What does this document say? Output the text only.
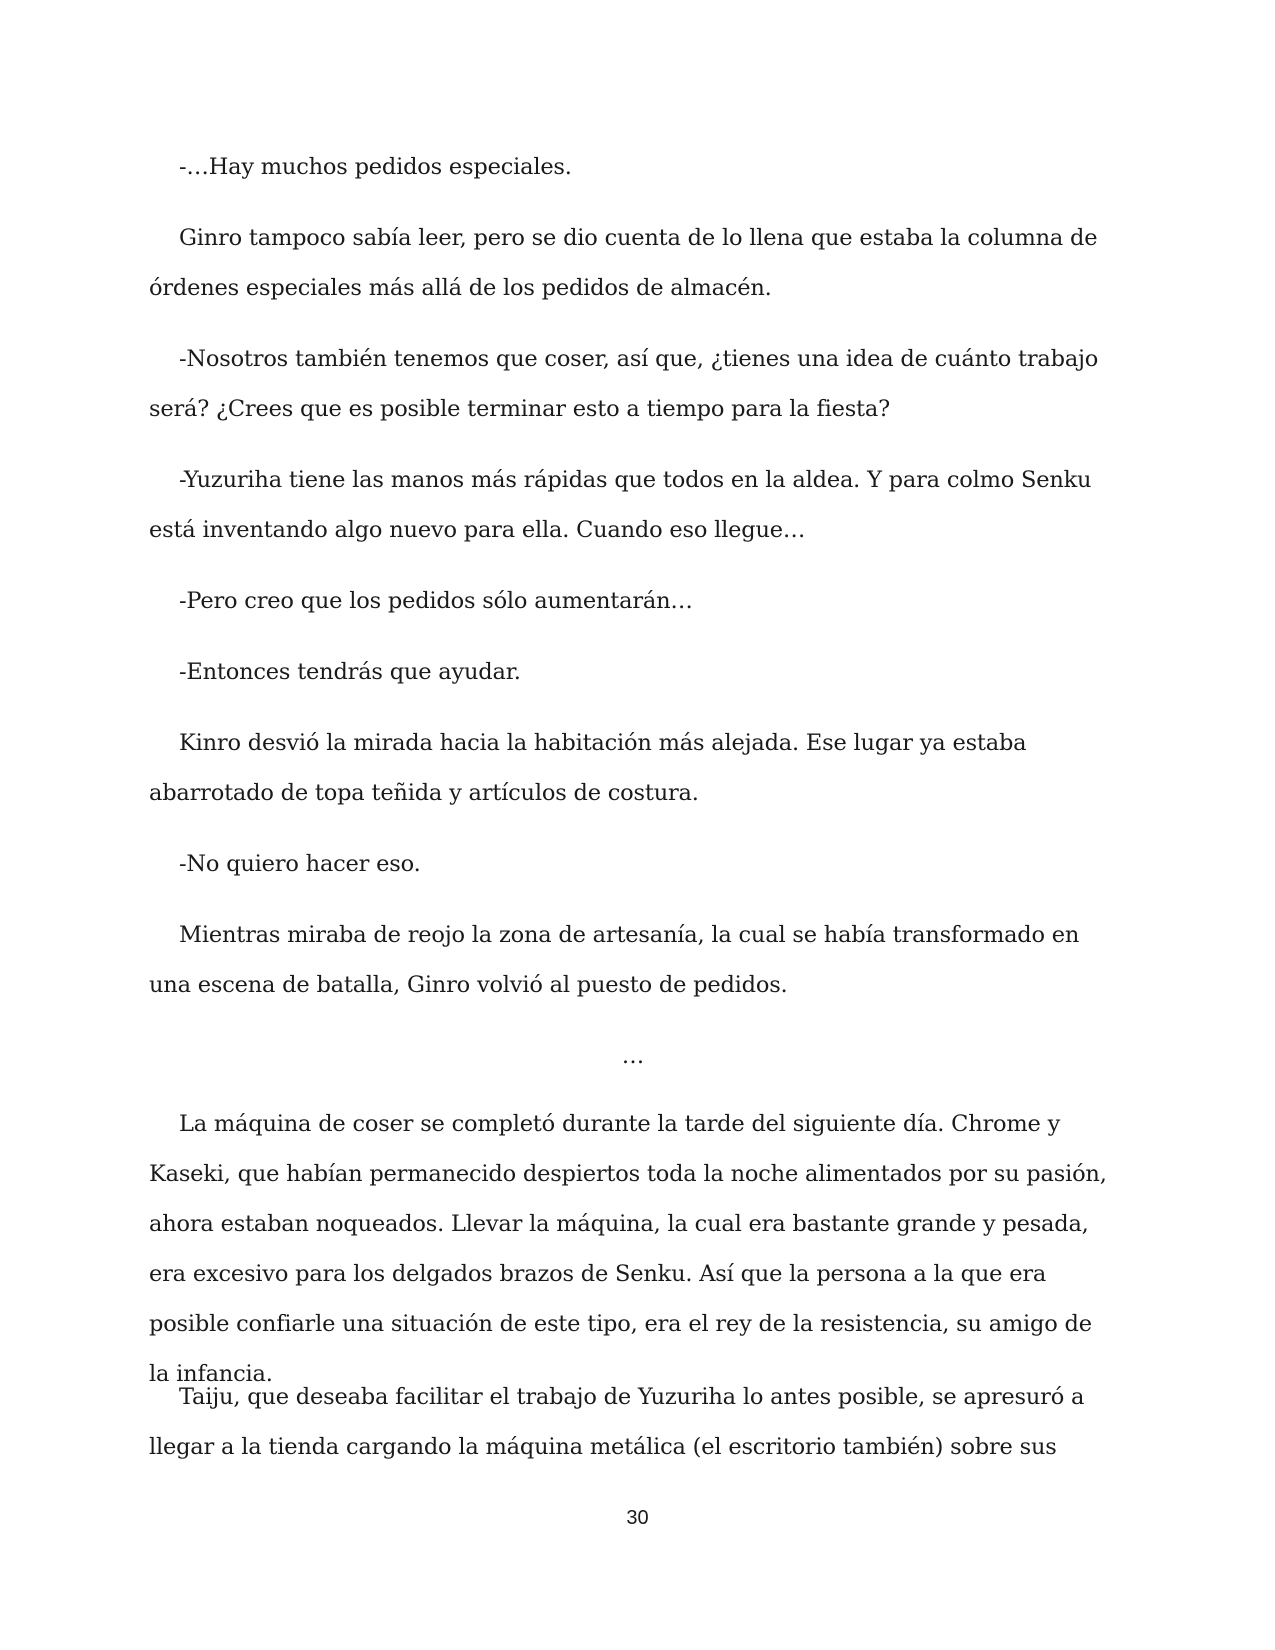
-…Hay muchos pedidos especiales.

Ginro tampoco sabía leer, pero se dio cuenta de lo llena que estaba la columna de órdenes especiales más allá de los pedidos de almacén.

-Nosotros también tenemos que coser, así que, ¿tienes una idea de cuánto trabajo será? ¿Crees que es posible terminar esto a tiempo para la fiesta?

-Yuzuriha tiene las manos más rápidas que todos en la aldea. Y para colmo Senku está inventando algo nuevo para ella. Cuando eso llegue…

-Pero creo que los pedidos sólo aumentarán…

-Entonces tendrás que ayudar.

Kinro desvió la mirada hacia la habitación más alejada. Ese lugar ya estaba abarrotado de topa teñida y artículos de costura.

-No quiero hacer eso.

Mientras miraba de reojo la zona de artesanía, la cual se había transformado en una escena de batalla, Ginro volvió al puesto de pedidos.

…

La máquina de coser se completó durante la tarde del siguiente día. Chrome y Kaseki, que habían permanecido despiertos toda la noche alimentados por su pasión, ahora estaban noqueados. Llevar la máquina, la cual era bastante grande y pesada, era excesivo para los delgados brazos de Senku. Así que la persona a la que era posible confiarle una situación de este tipo, era el rey de la resistencia, su amigo de la infancia.

Taiju, que deseaba facilitar el trabajo de Yuzuriha lo antes posible, se apresuró a llegar a la tienda cargando la máquina metálica (el escritorio también) sobre sus

30
